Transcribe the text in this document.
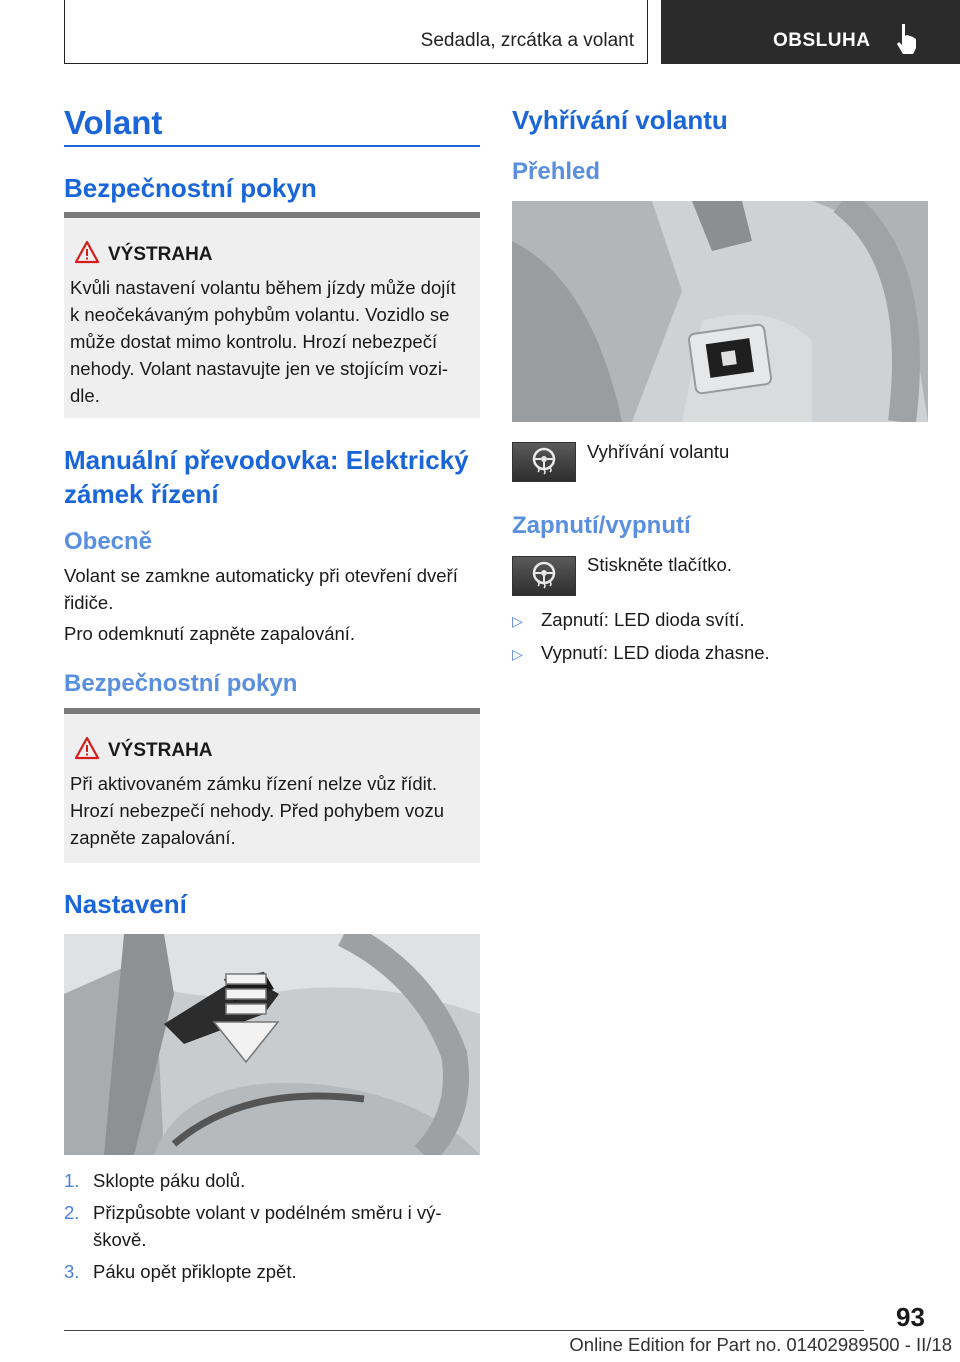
Sedadla, zrcátka a volant	OBSLUHA
Volant
Bezpečnostní pokyn
VÝSTRAHA
Kvůli nastavení volantu během jízdy může dojít
k neočekávaným pohybům volantu. Vozidlo se
může dostat mimo kontrolu. Hrozí nebezpečí
nehody. Volant nastavujte jen ve stojícím vozi-
dle.
Manuální převodovka: Elektrický
zámek řízení
Obecně
Volant se zamkne automaticky při otevření dveří
řidiče.
Pro odemknutí zapněte zapalování.
Bezpečnostní pokyn
VÝSTRAHA
Při aktivovaném zámku řízení nelze vůz řídit.
Hrozí nebezpečí nehody. Před pohybem vozu
zapněte zapalování.
Nastavení
1. Sklopte páku dolů.
2. Přizpůsobte volant v podélném směru i vý-
škově.
3. Páku opět přiklopte zpět.
Vyhřívání volantu
Přehled
Vyhřívání volantu
Zapnutí/vypnutí
Stiskněte tlačítko.
▷ Zapnutí: LED dioda svítí.
▷ Vypnutí: LED dioda zhasne.
93
Online Edition for Part no. 01402989500 - II/18
